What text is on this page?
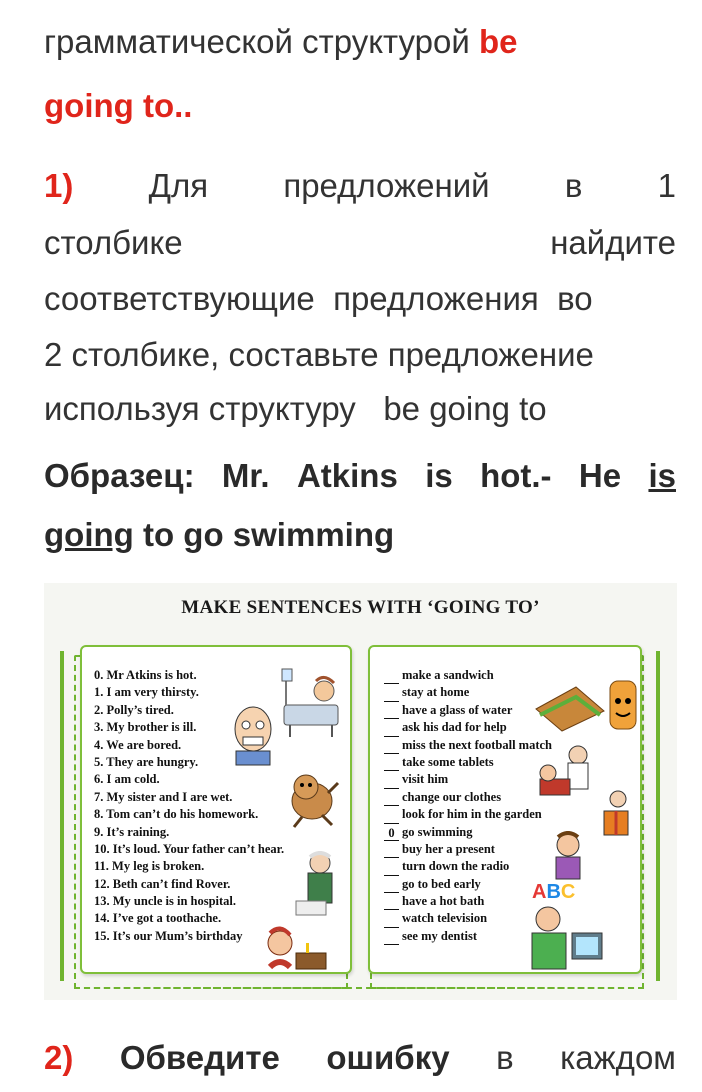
грамматической структурой be
going to..
1) Для предложений в 1
столбике	найдите
соответствующие  предложения  во
2 столбике, составьте предложение
используя структуру   be going to
Образец: Mr. Atkins is hot.- He is
going to go swimming
MAKE SENTENCES WITH ‘GOING TO’
0. Mr Atkins is hot.
1. I am very thirsty.
2. Polly’s tired.
3. My brother is ill.
4. We are bored.
5. They are hungry.
6. I am cold.
7. My sister and I are wet.
8. Tom can’t do his homework.
9. It’s raining.
10. It’s loud. Your father can’t hear.
11. My leg is broken.
12. Beth can’t find Rover.
13. My uncle is in hospital.
14. I’ve got a toothache.
15. It’s our Mum’s birthday
make a sandwich
stay at home
have a glass of water
ask his dad for help
miss the next football match
take some tablets
visit him
change our clothes
look for him in the garden
0 go swimming
buy her a present
turn down the radio
go to bed early
have a hot bath
watch television
see my dentist
ABC
2) Обведите ошибку в каждом
